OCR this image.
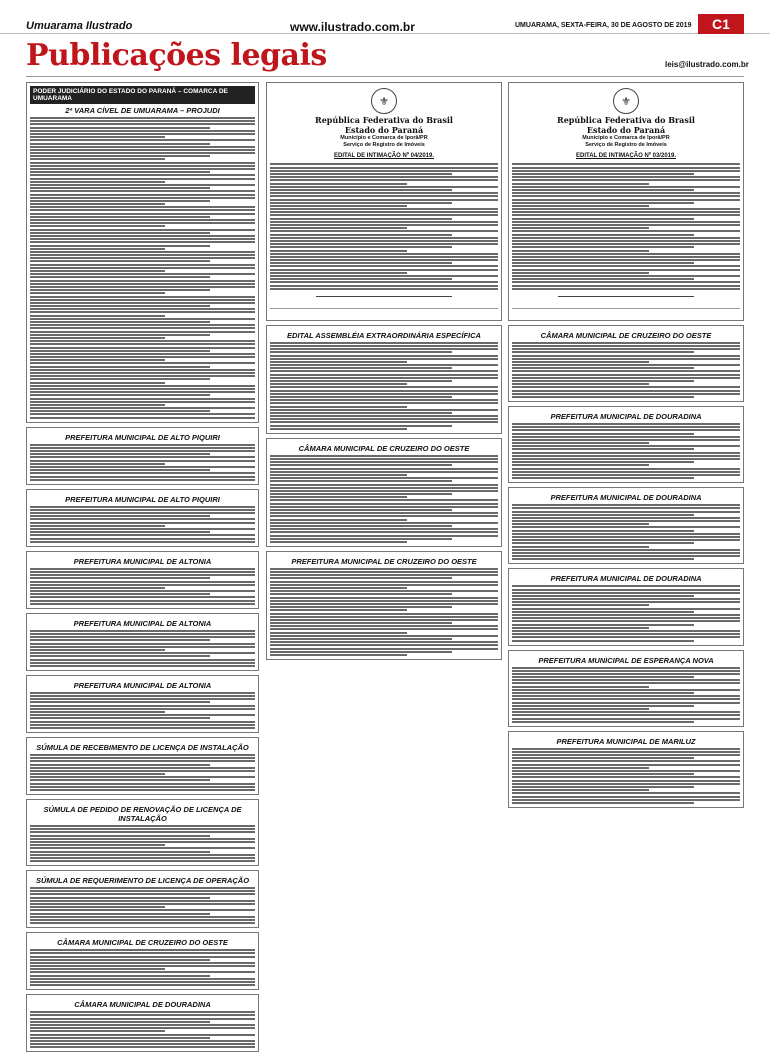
Umuarama Ilustrado	www.ilustrado.com.br	UMUARAMA, SEXTA-FEIRA, 30 DE AGOSTO DE 2019	C1
Publicações legais	leis@ilustrado.com.br
PODER JUDICIÁRIO DO ESTADO DO PARANÁ – COMARCA DE UMUARAMA
2ª VARA CÍVEL DE UMUARAMA – PROJUDI
PREFEITURA MUNICIPAL DE ALTO PIQUIRI
PREFEITURA MUNICIPAL DE ALTO PIQUIRI
PREFEITURA MUNICIPAL DE ALTONIA
PREFEITURA MUNICIPAL DE ALTONIA
PREFEITURA MUNICIPAL DE ALTONIA
SÚMULA DE RECEBIMENTO DE LICENÇA DE INSTALAÇÃO
SÚMULA DE PEDIDO DE RENOVAÇÃO DE LICENÇA DE INSTALAÇÃO
SÚMULA DE REQUERIMENTO DE LICENÇA DE OPERAÇÃO
CÂMARA MUNICIPAL DE CRUZEIRO DO OESTE
CÂMARA MUNICIPAL DE DOURADINA
⚜
República Federativa do Brasil
Estado do Paraná
Município e Comarca de Iporã/PR
Serviço de Registro de Imóveis
EDITAL DE INTIMAÇÃO Nº 04/2019.

EDITAL ASSEMBLÉIA EXTRAORDINÁRIA ESPECÍFICA
CÂMARA MUNICIPAL DE CRUZEIRO DO OESTE
PREFEITURA MUNICIPAL DE CRUZEIRO DO OESTE
⚜
República Federativa do Brasil
Estado do Paraná
Município e Comarca de Iporã/PR
Serviço de Registro de Imóveis
EDITAL DE INTIMAÇÃO Nº 03/2019.

CÂMARA MUNICIPAL DE CRUZEIRO DO OESTE
PREFEITURA MUNICIPAL DE DOURADINA
PREFEITURA MUNICIPAL DE DOURADINA
PREFEITURA MUNICIPAL DE DOURADINA
PREFEITURA MUNICIPAL DE ESPERANÇA NOVA
PREFEITURA MUNICIPAL DE MARILUZ
